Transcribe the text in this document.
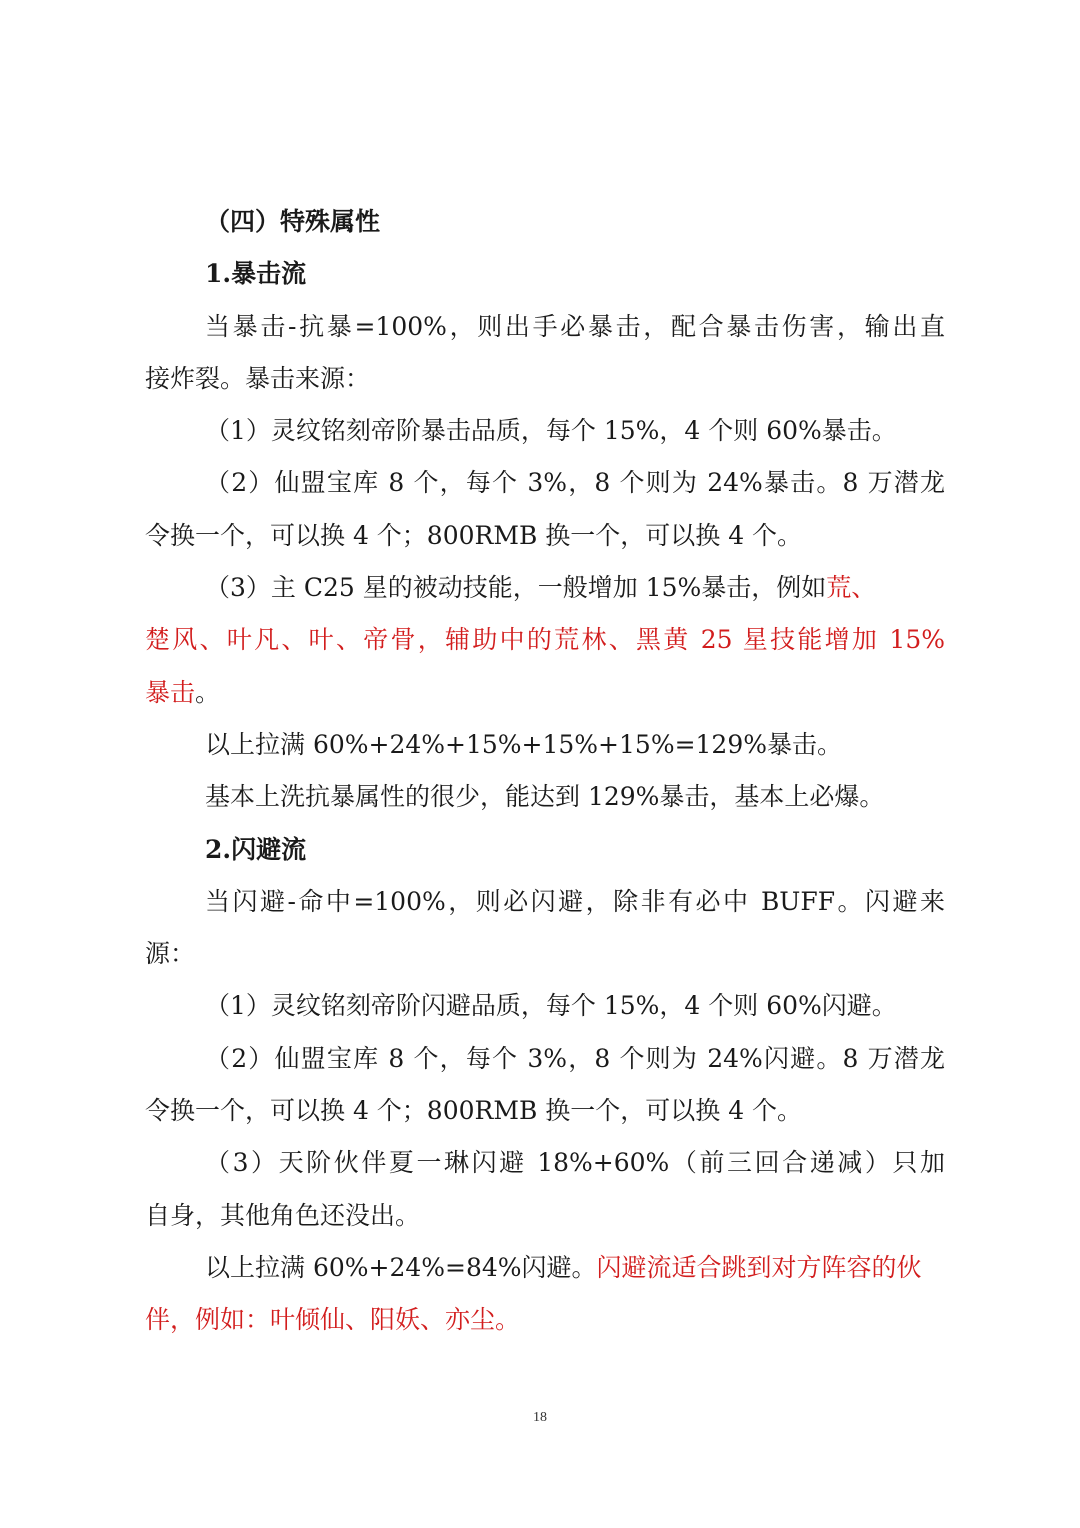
（四）特殊属性
1.暴击流
当暴击-抗暴=100%，则出手必暴击，配合暴击伤害，输出直
接炸裂。暴击来源：
（1）灵纹铭刻帝阶暴击品质，每个 15%，4 个则 60%暴击。
（2）仙盟宝库 8 个，每个 3%，8 个则为 24%暴击。8 万潜龙
令换一个，可以换 4 个；800RMB 换一个，可以换 4 个。
（3）主 C25 星的被动技能，一般增加 15%暴击，例如荒、
楚风、叶凡、叶、帝骨，辅助中的荒林、黑黄 25 星技能增加 15%
暴击。
以上拉满 60%+24%+15%+15%+15%=129%暴击。
基本上洗抗暴属性的很少，能达到 129%暴击，基本上必爆。
2.闪避流
当闪避-命中=100%，则必闪避，除非有必中 BUFF。闪避来
源：
（1）灵纹铭刻帝阶闪避品质，每个 15%，4 个则 60%闪避。
（2）仙盟宝库 8 个，每个 3%，8 个则为 24%闪避。8 万潜龙
令换一个，可以换 4 个；800RMB 换一个，可以换 4 个。
（3）天阶伙伴夏一琳闪避 18%+60%（前三回合递减）只加
自身，其他角色还没出。
以上拉满 60%+24%=84%闪避。闪避流适合跳到对方阵容的伙
伴，例如：叶倾仙、阳妖、亦尘。
18
